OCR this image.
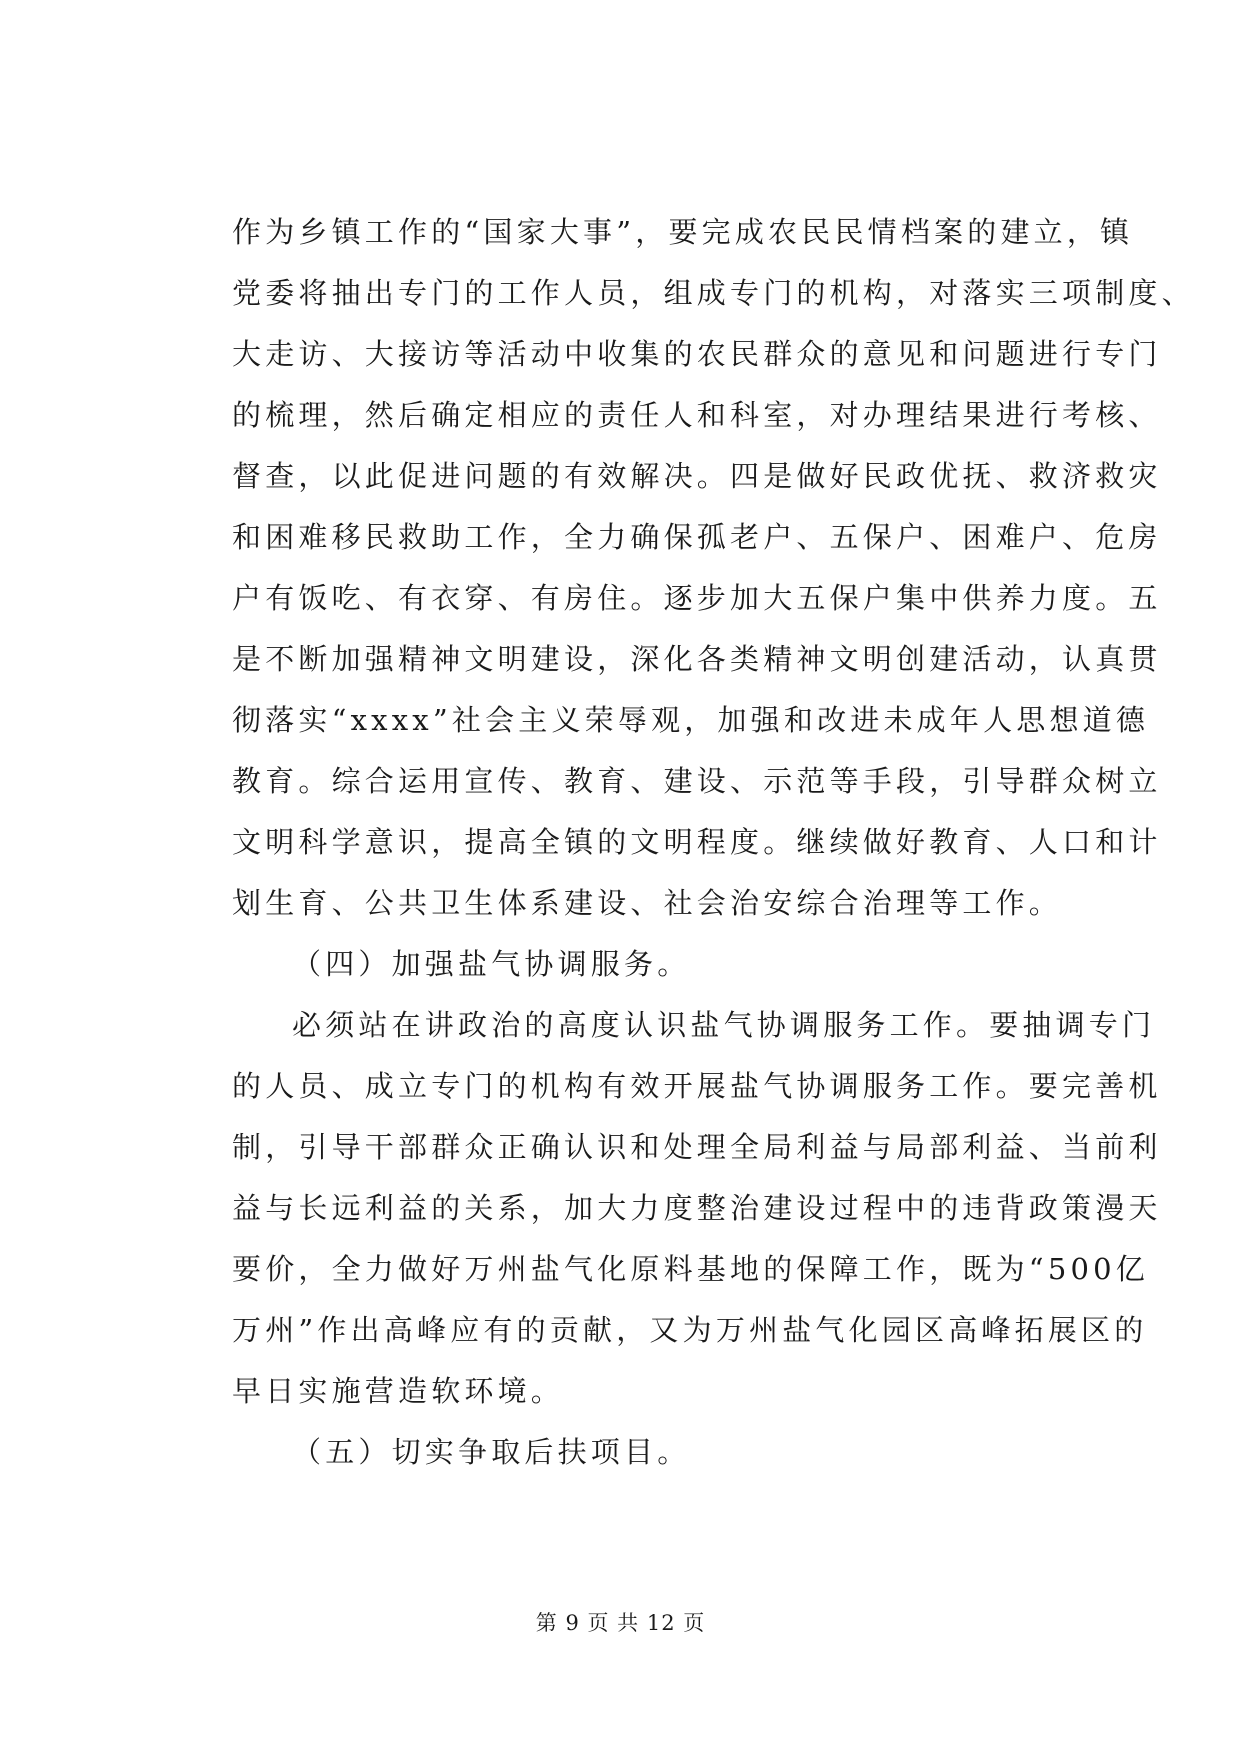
作为乡镇工作的“国家大事”，要完成农民民情档案的建立，镇
党委将抽出专门的工作人员，组成专门的机构，对落实三项制度、
大走访、大接访等活动中收集的农民群众的意见和问题进行专门
的梳理，然后确定相应的责任人和科室，对办理结果进行考核、
督查，以此促进问题的有效解决。四是做好民政优抚、救济救灾
和困难移民救助工作，全力确保孤老户、五保户、困难户、危房
户有饭吃、有衣穿、有房住。逐步加大五保户集中供养力度。五
是不断加强精神文明建设，深化各类精神文明创建活动，认真贯
彻落实“xxxx”社会主义荣辱观，加强和改进未成年人思想道德
教育。综合运用宣传、教育、建设、示范等手段，引导群众树立
文明科学意识，提高全镇的文明程度。继续做好教育、人口和计
划生育、公共卫生体系建设、社会治安综合治理等工作。
（四）加强盐气协调服务。
必须站在讲政治的高度认识盐气协调服务工作。要抽调专门
的人员、成立专门的机构有效开展盐气协调服务工作。要完善机
制，引导干部群众正确认识和处理全局利益与局部利益、当前利
益与长远利益的关系，加大力度整治建设过程中的违背政策漫天
要价，全力做好万州盐气化原料基地的保障工作，既为“500亿
万州”作出高峰应有的贡献，又为万州盐气化园区高峰拓展区的
早日实施营造软环境。
（五）切实争取后扶项目。
第 9 页 共 12 页
